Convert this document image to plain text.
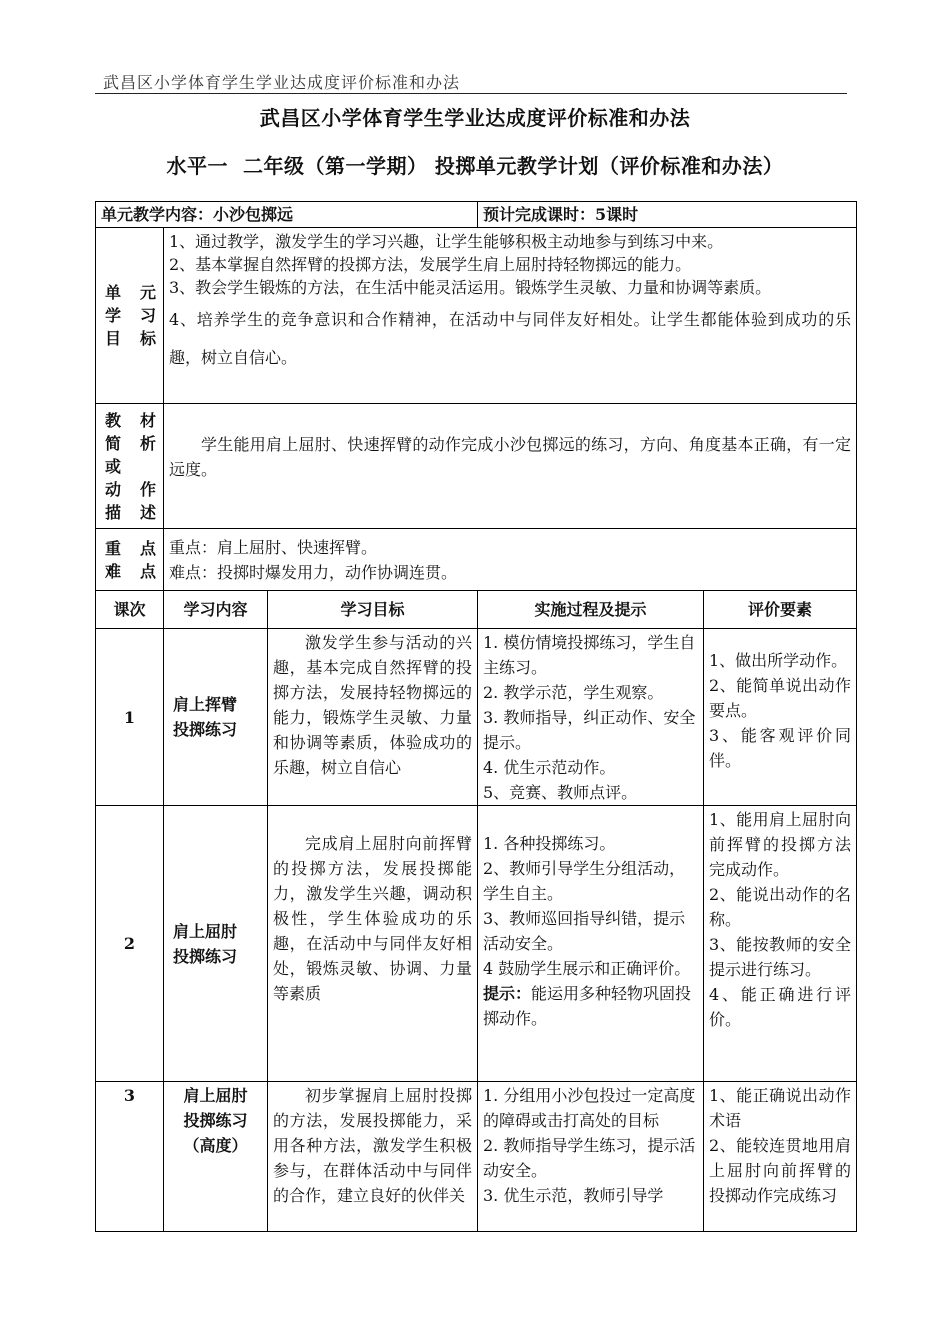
武昌区小学体育学生学业达成度评价标准和办法
武昌区小学体育学生学业达成度评价标准和办法
水平一  二年级（第一学期） 投掷单元教学计划（评价标准和办法）
单元教学内容：小沙包掷远			预计完成课时：5课时	

单 元
学 习
目 标	1、通过教学，激发学生的学习兴趣，让学生能够积极主动地参与到练习中来。
2、基本掌握自然挥臂的投掷方法，发展学生肩上屈肘持轻物掷远的能力。
3、教会学生锻炼的方法，在生活中能灵活运用。锻炼学生灵敏、力量和协调等素质。
4、培养学生的竞争意识和合作精神，在活动中与同伴友好相处。让学生都能体验到成功的乐趣，树立自信心。			

教 材
简 析
或
动 作
描 述	学生能用肩上屈肘、快速挥臂的动作完成小沙包掷远的练习，方向、角度基本正确，有一定远度。			

重 点
难 点	重点：肩上屈肘、快速挥臂。
难点：投掷时爆发用力，动作协调连贯。			

课次	学习内容	学习目标	实施过程及提示	评价要素
1	肩上挥臂
投掷练习	激发学生参与活动的兴趣，基本完成自然挥臂的投掷方法，发展持轻物掷远的能力，锻炼学生灵敏、力量和协调等素质，体验成功的乐趣，树立自信心	1. 模仿情境投掷练习，学生自主练习。
2. 教学示范，学生观察。
3. 教师指导，纠正动作、安全提示。
4. 优生示范动作。
5、竞赛、教师点评。	1、做出所学动作。
2、能简单说出动作要点。
3、能客观评价同伴。

2	肩上屈肘
投掷练习	完成肩上屈肘向前挥臂的投掷方法，发展投掷能力，激发学生兴趣，调动积极性，学生体验成功的乐趣，在活动中与同伴友好相处，锻炼灵敏、协调、力量等素质	1. 各种投掷练习。
2、教师引导学生分组活动，学生自主。
3、教师巡回指导纠错，提示活动安全。
4 鼓励学生展示和正确评价。
提示：能运用多种轻物巩固投掷动作。	1、能用肩上屈肘向前挥臂的投掷方法完成动作。
2、能说出动作的名称。
3、能按教师的安全提示进行练习。
4、能正确进行评价。

3	肩上屈肘
投掷练习
（高度）	初步掌握肩上屈肘投掷的方法，发展投掷能力，采用各种方法，激发学生积极参与，在群体活动中与同伴的合作，建立良好的伙伴关	1. 分组用小沙包投过一定高度的障碍或击打高处的目标
2. 教师指导学生练习，提示活动安全。
3. 优生示范，教师引导学	1、能正确说出动作术语
2、能较连贯地用肩上屈肘向前挥臂的投掷动作完成练习
